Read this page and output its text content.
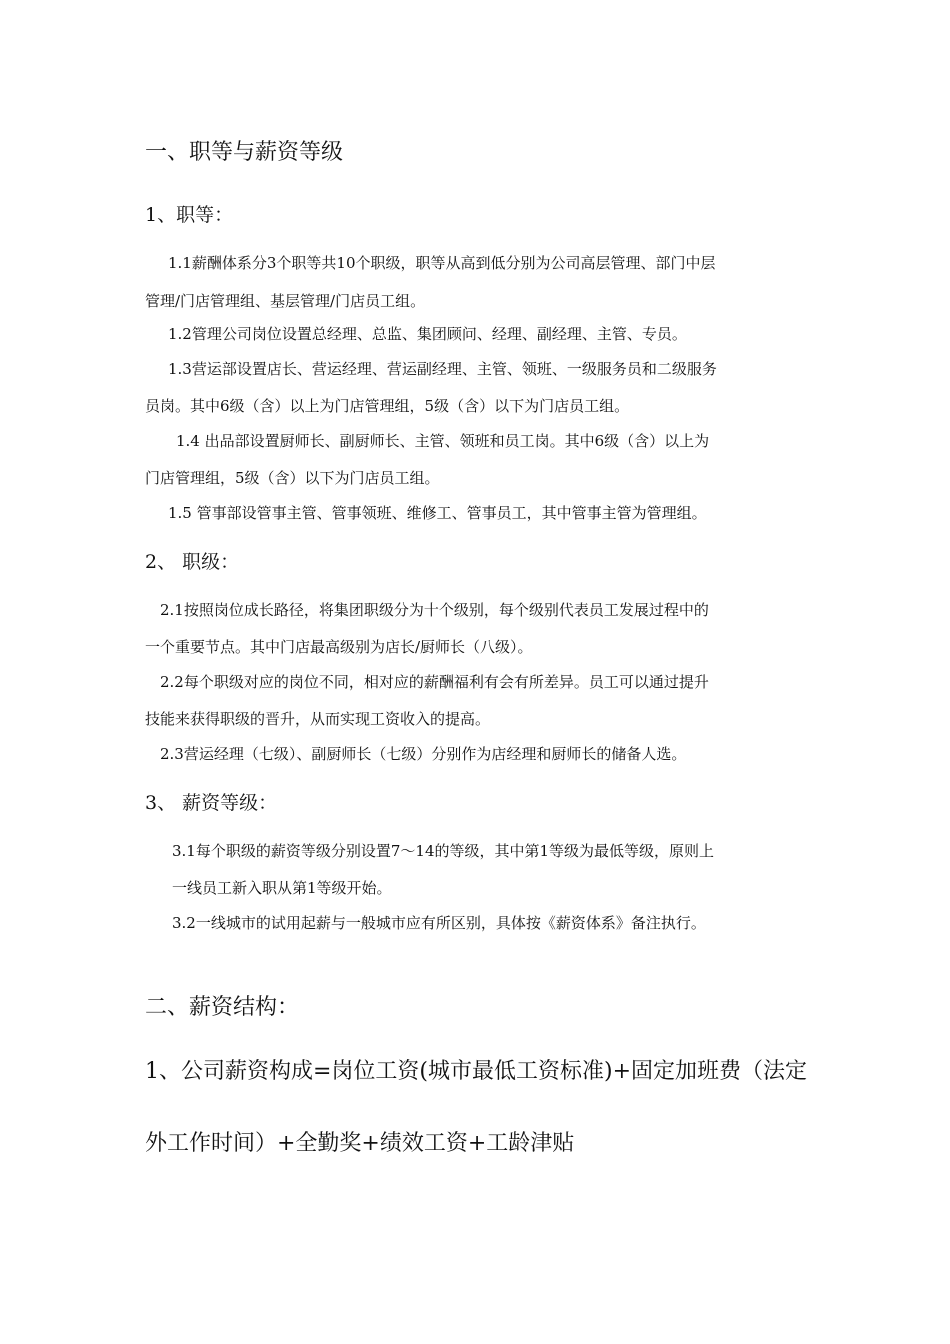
一、职等与薪资等级
1、职等：
1.1薪酬体系分3个职等共10个职级，职等从高到低分别为公司高层管理、部门中层
管理/门店管理组、基层管理/门店员工组。
1.2管理公司岗位设置总经理、总监、集团顾问、经理、副经理、主管、专员。
1.3营运部设置店长、营运经理、营运副经理、主管、领班、一级服务员和二级服务
员岗。其中6级（含）以上为门店管理组，5级（含）以下为门店员工组。
1.4 出品部设置厨师长、副厨师长、主管、领班和员工岗。其中6级（含）以上为
门店管理组，5级（含）以下为门店员工组。
1.5 管事部设管事主管、管事领班、维修工、管事员工，其中管事主管为管理组。
2、 职级：
2.1按照岗位成长路径，将集团职级分为十个级别，每个级别代表员工发展过程中的
一个重要节点。其中门店最高级别为店长/厨师长（八级）。
2.2每个职级对应的岗位不同，相对应的薪酬福利有会有所差异。员工可以通过提升
技能来获得职级的晋升，从而实现工资收入的提高。
2.3营运经理（七级）、副厨师长（七级）分别作为店经理和厨师长的储备人选。
3、 薪资等级：
3.1每个职级的薪资等级分别设置7～14的等级，其中第1等级为最低等级，原则上
一线员工新入职从第1等级开始。
3.2一线城市的试用起薪与一般城市应有所区别，具体按《薪资体系》备注执行。
二、薪资结构：
1、公司薪资构成=岗位工资(城市最低工资标准)+固定加班费（法定
外工作时间）+全勤奖+绩效工资+工龄津贴
